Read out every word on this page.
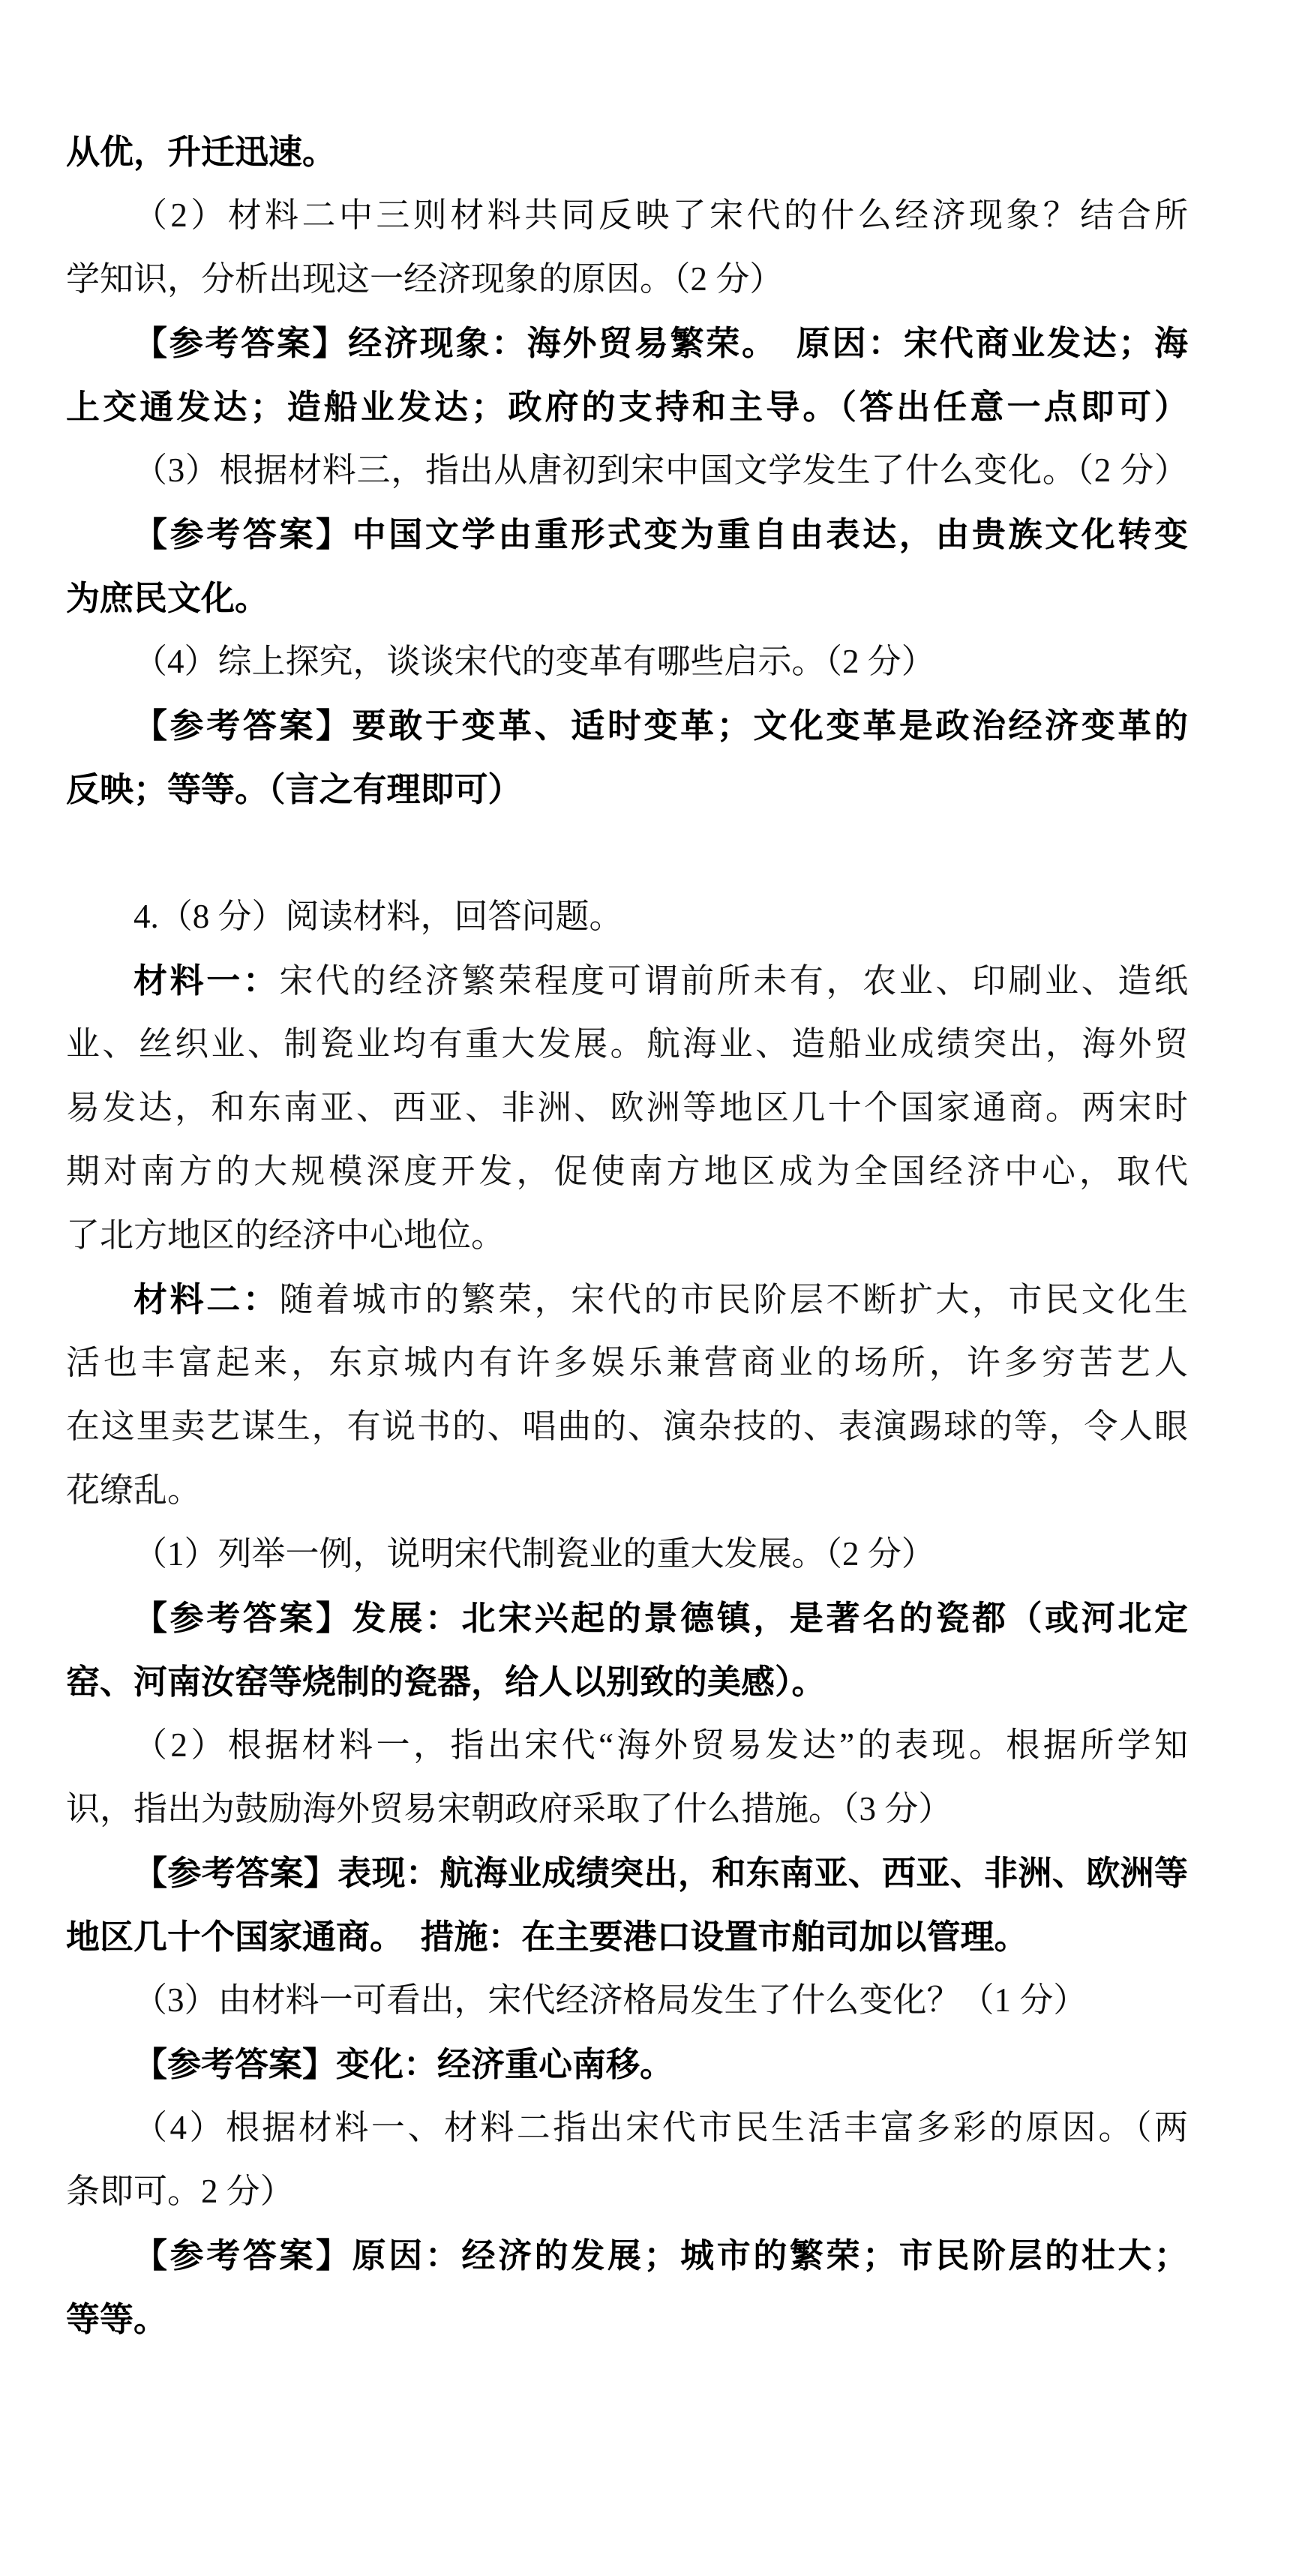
从优，升迁迅速。
（2）材料二中三则材料共同反映了宋代的什么经济现象？结合所
学知识，分析出现这一经济现象的原因。（2 分）
【参考答案】经济现象：海外贸易繁荣。　原因：宋代商业发达；海
上交通发达；造船业发达；政府的支持和主导。（答出任意一点即可）
（3）根据材料三，指出从唐初到宋中国文学发生了什么变化。（2 分）
【参考答案】中国文学由重形式变为重自由表达，由贵族文化转变
为庶民文化。
（4）综上探究，谈谈宋代的变革有哪些启示。（2 分）
【参考答案】要敢于变革、适时变革；文化变革是政治经济变革的
反映；等等。（言之有理即可）
4.（8 分）阅读材料，回答问题。
材料一：宋代的经济繁荣程度可谓前所未有，农业、印刷业、造纸
业、丝织业、制瓷业均有重大发展。航海业、造船业成绩突出，海外贸
易发达，和东南亚、西亚、非洲、欧洲等地区几十个国家通商。两宋时
期对南方的大规模深度开发，促使南方地区成为全国经济中心，取代
了北方地区的经济中心地位。
材料二：随着城市的繁荣，宋代的市民阶层不断扩大，市民文化生
活也丰富起来，东京城内有许多娱乐兼营商业的场所，许多穷苦艺人
在这里卖艺谋生，有说书的、唱曲的、演杂技的、表演踢球的等，令人眼
花缭乱。
（1）列举一例，说明宋代制瓷业的重大发展。（2 分）
【参考答案】发展：北宋兴起的景德镇，是著名的瓷都（或河北定
窑、河南汝窑等烧制的瓷器，给人以别致的美感）。
（2）根据材料一，指出宋代“海外贸易发达”的表现。根据所学知
识，指出为鼓励海外贸易宋朝政府采取了什么措施。（3 分）
【参考答案】表现：航海业成绩突出，和东南亚、西亚、非洲、欧洲等
地区几十个国家通商。　措施：在主要港口设置市舶司加以管理。
（3）由材料一可看出，宋代经济格局发生了什么变化？（1 分）
【参考答案】变化：经济重心南移。
（4）根据材料一、材料二指出宋代市民生活丰富多彩的原因。（两
条即可。2 分）
【参考答案】原因：经济的发展；城市的繁荣；市民阶层的壮大；
等等。
